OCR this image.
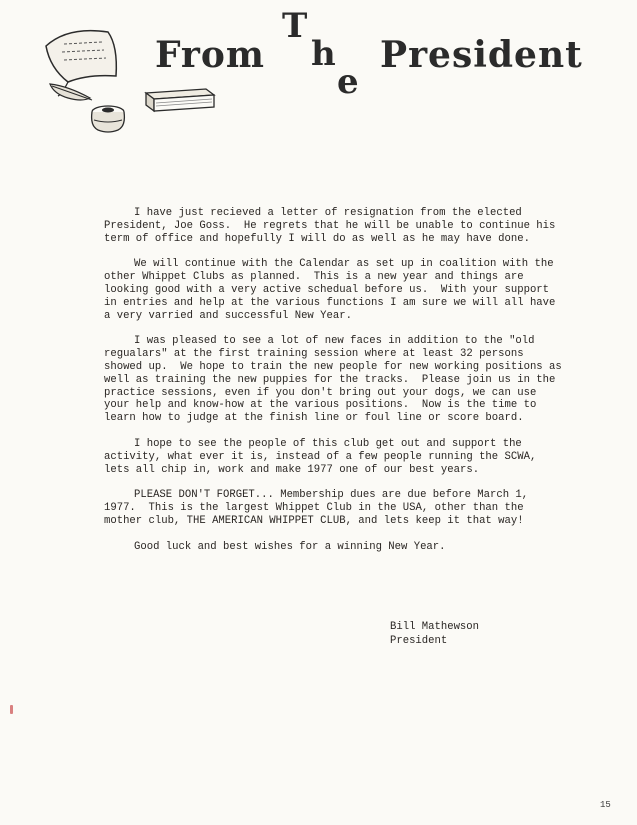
From
T
h
e
President

I have just recieved a letter of resignation from the elected President, Joe Goss.  He regrets that he will be unable to continue his term of office and hopefully I will do as well as he may have done.

We will continue with the Calendar as set up in coalition with the other Whippet Clubs as planned.  This is a new year and things are looking good with a very active schedual before us.  With your support in entries and help at the various functions I am sure we will all have a very varried and successful New Year.

I was pleased to see a lot of new faces in addition to the "old regualars" at the first training session where at least 32 persons showed up.  We hope to train the new people for new working positions as well as training the new puppies for the tracks.  Please join us in the practice sessions, even if you don't bring out your dogs, we can use your help and know-how at the various positions.  Now is the time to learn how to judge at the finish line or foul line or score board.

I hope to see the people of this club get out and support the activity, what ever it is, instead of a few people running the SCWA, lets all chip in, work and make 1977 one of our best years.

PLEASE DON'T FORGET... Membership dues are due before March 1, 1977.  This is the largest Whippet Club in the USA, other than the mother club, THE AMERICAN WHIPPET CLUB, and lets keep it that way!

Good luck and best wishes for a winning New Year.

Bill Mathewson
President
15
